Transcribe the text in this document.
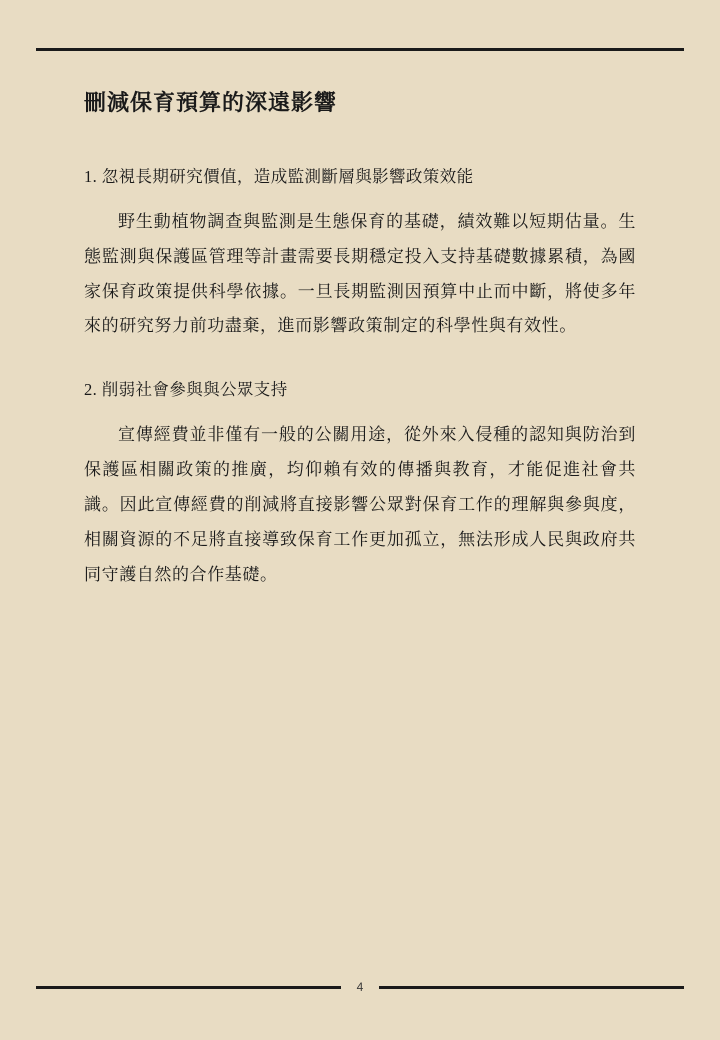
刪減保育預算的深遠影響

1. 忽視長期研究價值，造成監測斷層與影響政策效能

野生動植物調查與監測是生態保育的基礎，績效難以短期估量。生態監測與保護區管理等計畫需要長期穩定投入支持基礎數據累積，為國家保育政策提供科學依據。一旦長期監測因預算中止而中斷，將使多年來的研究努力前功盡棄，進而影響政策制定的科學性與有效性。

2. 削弱社會參與與公眾支持

宣傳經費並非僅有一般的公關用途，從外來入侵種的認知與防治到保護區相關政策的推廣，均仰賴有效的傳播與教育，才能促進社會共識。因此宣傳經費的削減將直接影響公眾對保育工作的理解與參與度，相關資源的不足將直接導致保育工作更加孤立，無法形成人民與政府共同守護自然的合作基礎。

4
